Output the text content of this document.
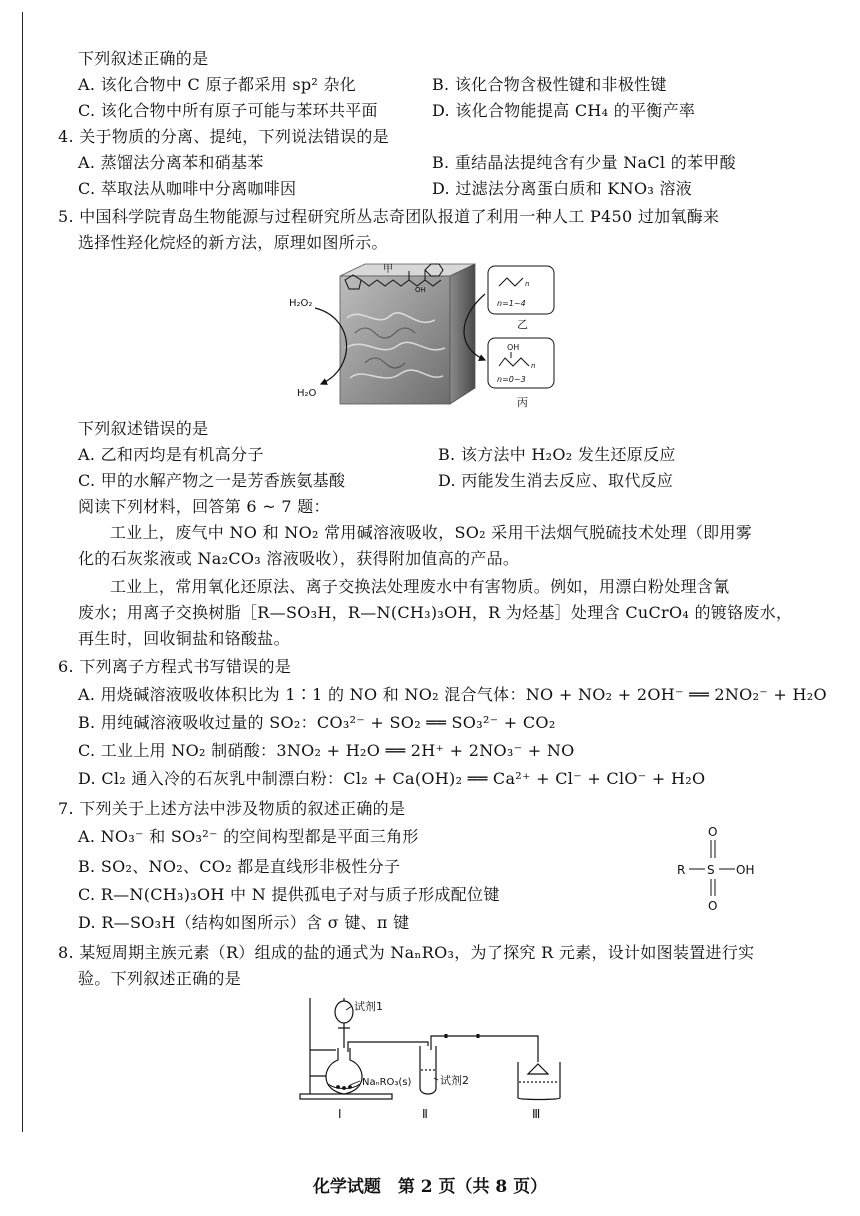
下列叙述正确的是
A. 该化合物中 C 原子都采用 sp² 杂化	B. 该化合物含极性键和非极性键
C. 该化合物中所有原子可能与苯环共平面	D. 该化合物能提高 CH₄ 的平衡产率
4. 关于物质的分离、提纯，下列说法错误的是
A. 蒸馏法分离苯和硝基苯	B. 重结晶法提纯含有少量 NaCl 的苯甲酸
C. 萃取法从咖啡中分离咖啡因	D. 过滤法分离蛋白质和 KNO₃ 溶液
5. 中国科学院青岛生物能源与过程研究所丛志奇团队报道了利用一种人工 P450 过加氧酶来
选择性羟化烷烃的新方法，原理如图所示。
甲
OH
H₂O₂
H₂O
n
n=1~4
乙
OH
n
n=0~3
丙
下列叙述错误的是
A. 乙和丙均是有机高分子	B. 该方法中 H₂O₂ 发生还原反应
C. 甲的水解产物之一是芳香族氨基酸	D. 丙能发生消去反应、取代反应
阅读下列材料，回答第 6 ~ 7 题：
工业上，废气中 NO 和 NO₂ 常用碱溶液吸收，SO₂ 采用干法烟气脱硫技术处理（即用雾
化的石灰浆液或 Na₂CO₃ 溶液吸收），获得附加值高的产品。
工业上，常用氧化还原法、离子交换法处理废水中有害物质。例如，用漂白粉处理含氰
废水；用离子交换树脂［R—SO₃H，R—N(CH₃)₃OH，R 为烃基］处理含 CuCrO₄ 的镀铬废水，
再生时，回收铜盐和铬酸盐。
6. 下列离子方程式书写错误的是
A. 用烧碱溶液吸收体积比为 1∶1 的 NO 和 NO₂ 混合气体：NO + NO₂ + 2OH⁻ ══ 2NO₂⁻ + H₂O
B. 用纯碱溶液吸收过量的 SO₂：CO₃²⁻ + SO₂ ══ SO₃²⁻ + CO₂
C. 工业上用 NO₂ 制硝酸：3NO₂ + H₂O ══ 2H⁺ + 2NO₃⁻ + NO
D. Cl₂ 通入冷的石灰乳中制漂白粉：Cl₂ + Ca(OH)₂ ══ Ca²⁺ + Cl⁻ + ClO⁻ + H₂O
7. 下列关于上述方法中涉及物质的叙述正确的是
A. NO₃⁻ 和 SO₃²⁻ 的空间构型都是平面三角形
B. SO₂、NO₂、CO₂ 都是直线形非极性分子
C. R—N(CH₃)₃OH 中 N 提供孤电子对与质子形成配位键
D. R—SO₃H（结构如图所示）含 σ 键、π 键
O
R S OH
O
8. 某短周期主族元素（R）组成的盐的通式为 NaₙRO₃，为了探究 R 元素，设计如图装置进行实
验。下列叙述正确的是
试剂1
NaₙRO₃(s)	试剂2
Ⅰ	Ⅱ	Ⅲ
化学试题　第 2 页（共 8 页）
